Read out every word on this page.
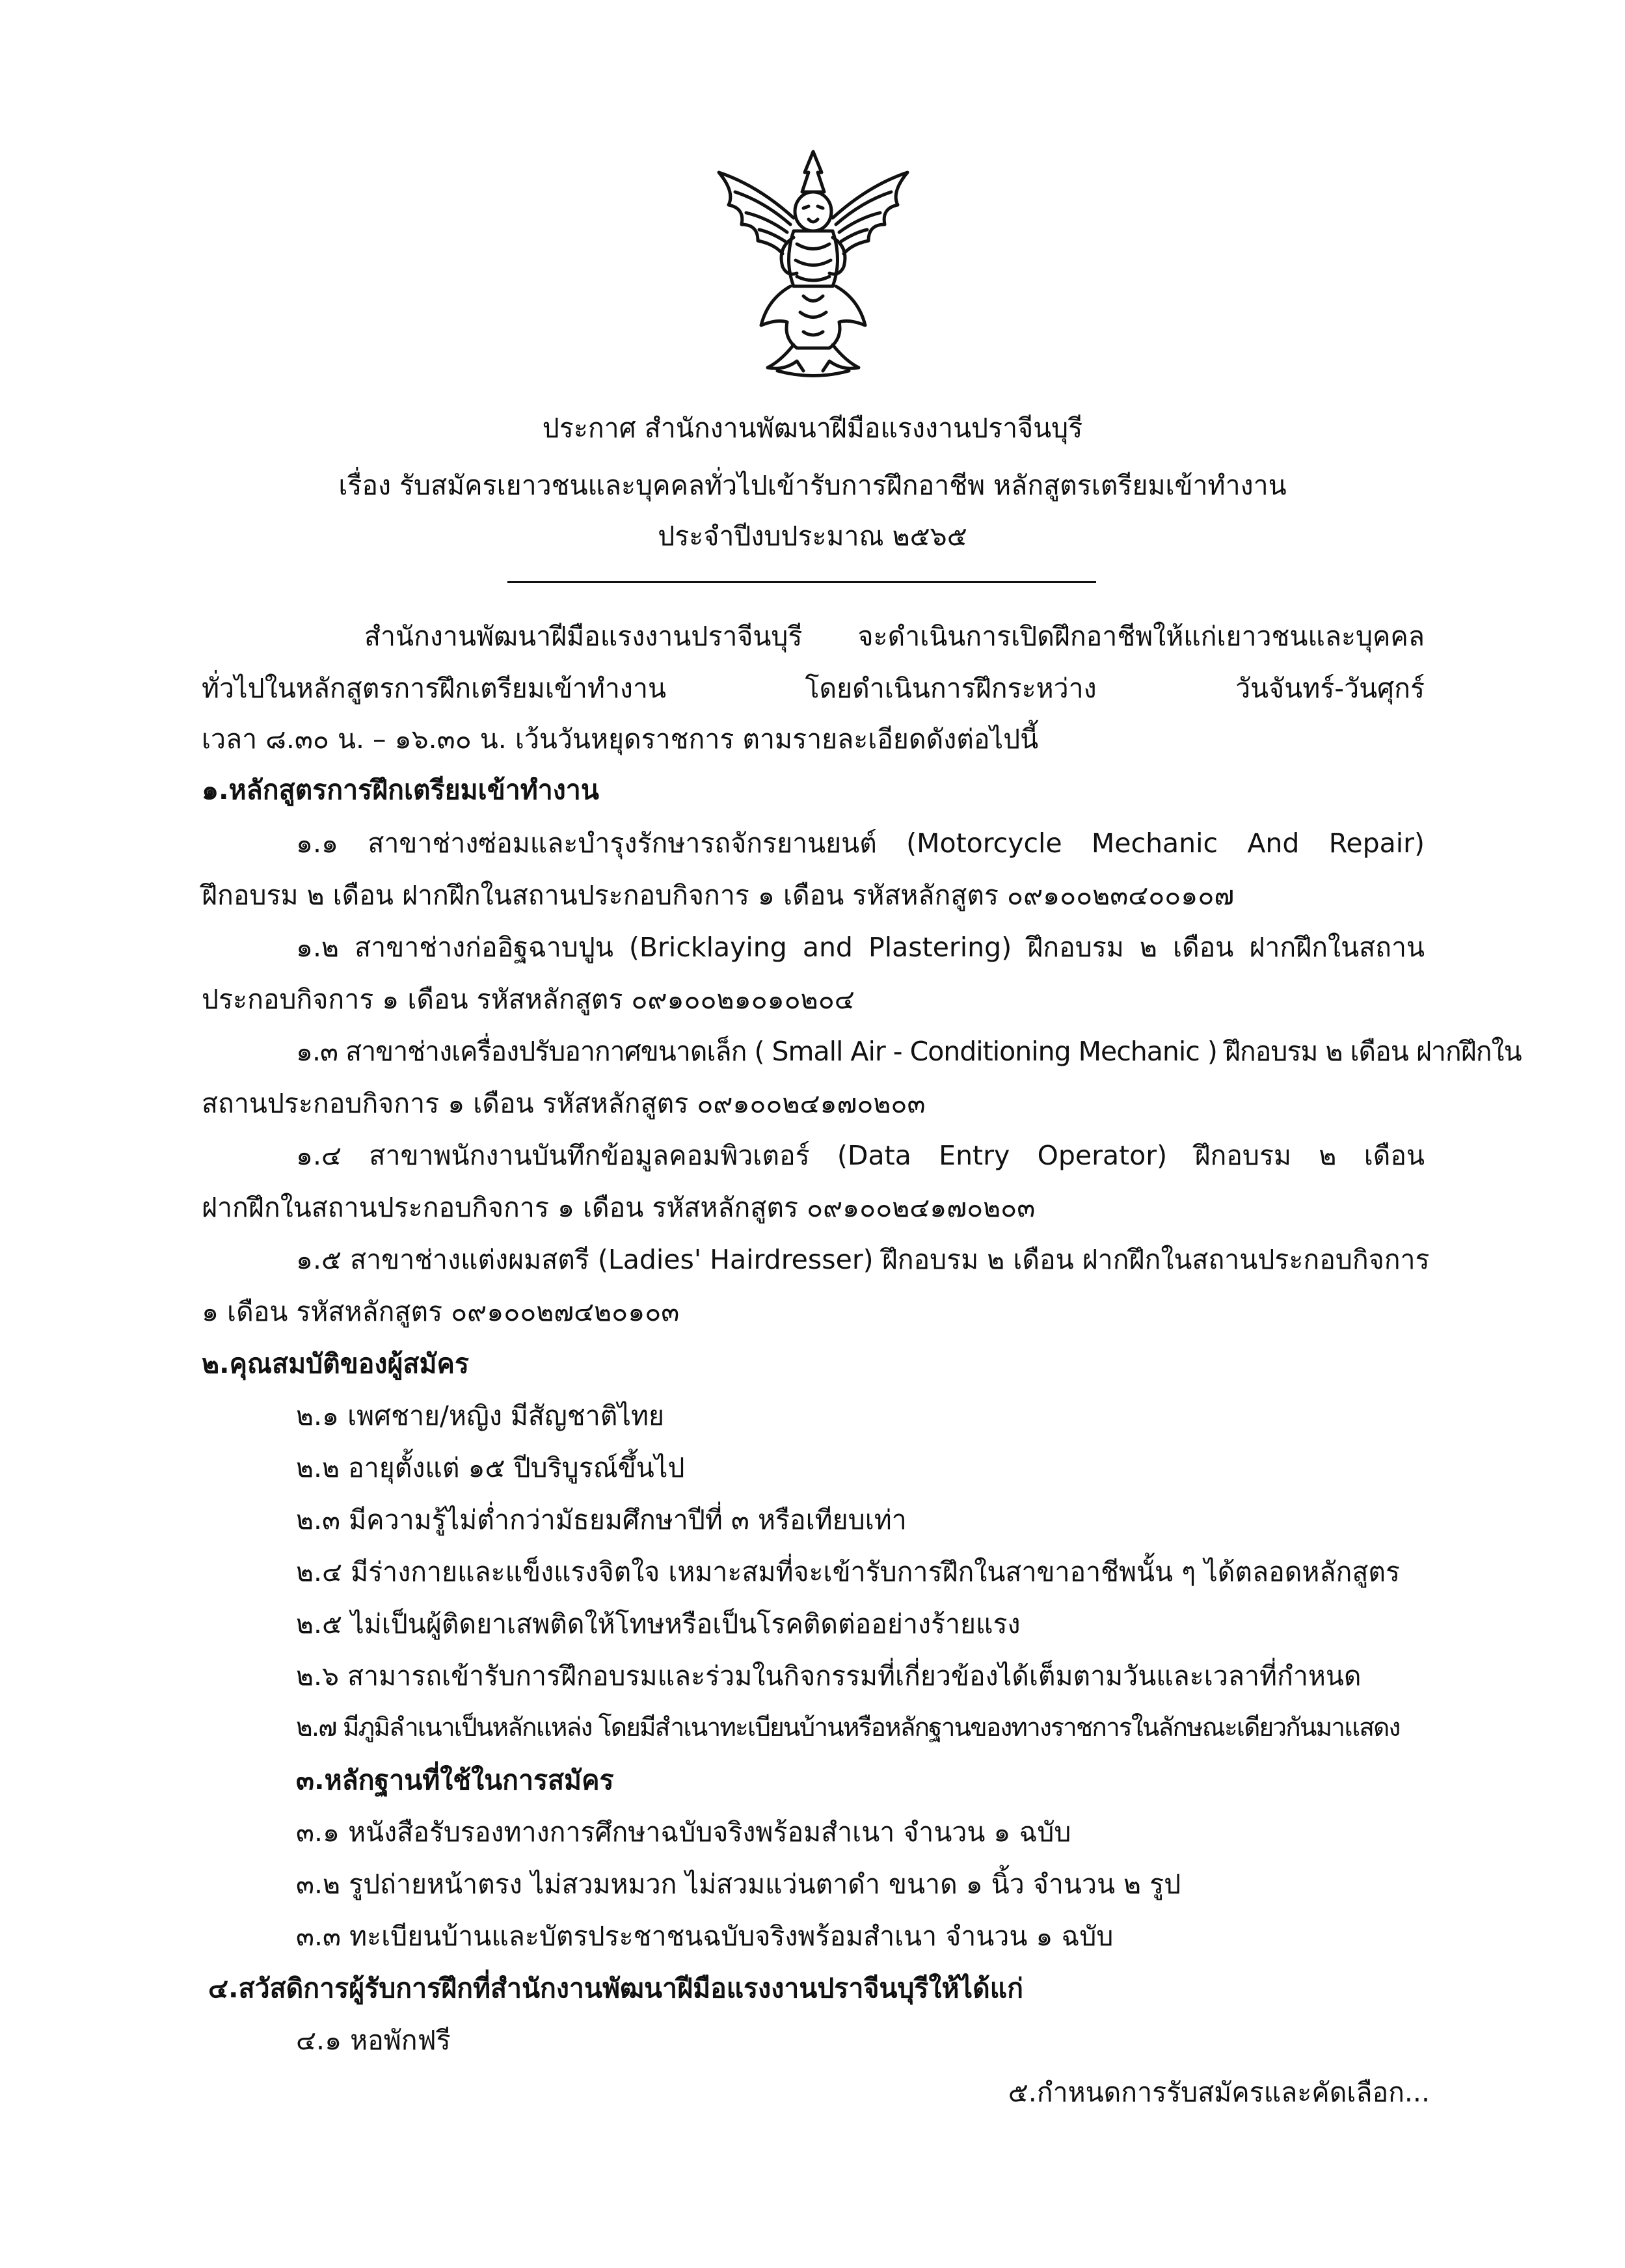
ประกาศ สำนักงานพัฒนาฝีมือแรงงานปราจีนบุรี
เรื่อง รับสมัครเยาวชนและบุคคลทั่วไปเข้ารับการฝึกอาชีพ หลักสูตรเตรียมเข้าทำงาน
ประจำปีงบประมาณ ๒๕๖๕
สำนักงานพัฒนาฝีมือแรงงานปราจีนบุรี จะดำเนินการเปิดฝึกอาชีพให้แก่เยาวชนและบุคคล
ทั่วไปในหลักสูตรการฝึกเตรียมเข้าทำงาน โดยดำเนินการฝึกระหว่าง วันจันทร์-วันศุกร์
เวลา ๘.๓๐ น. – ๑๖.๓๐ น. เว้นวันหยุดราชการ ตามรายละเอียดดังต่อไปนี้
๑.หลักสูตรการฝึกเตรียมเข้าทำงาน
๑.๑ สาขาช่างซ่อมและบำรุงรักษารถจักรยานยนต์ (Motorcycle Mechanic And Repair)
ฝึกอบรม ๒ เดือน ฝากฝึกในสถานประกอบกิจการ ๑ เดือน รหัสหลักสูตร ๐๙๑๐๐๒๓๔๐๐๑๐๗
๑.๒ สาขาช่างก่ออิฐฉาบปูน (Bricklaying and Plastering) ฝึกอบรม ๒ เดือน ฝากฝึกในสถาน
ประกอบกิจการ ๑ เดือน รหัสหลักสูตร ๐๙๑๐๐๒๑๐๑๐๒๐๔
๑.๓ สาขาช่างเครื่องปรับอากาศขนาดเล็ก ( Small Air - Conditioning Mechanic ) ฝึกอบรม ๒ เดือน ฝากฝึกใน
สถานประกอบกิจการ ๑ เดือน รหัสหลักสูตร ๐๙๑๐๐๒๔๑๗๐๒๐๓
๑.๔ สาขาพนักงานบันทึกข้อมูลคอมพิวเตอร์ (Data Entry Operator) ฝึกอบรม ๒ เดือน
ฝากฝึกในสถานประกอบกิจการ ๑ เดือน รหัสหลักสูตร ๐๙๑๐๐๒๔๑๗๐๒๐๓
๑.๕ สาขาช่างแต่งผมสตรี (Ladies' Hairdresser) ฝึกอบรม ๒ เดือน ฝากฝึกในสถานประกอบกิจการ
๑ เดือน รหัสหลักสูตร ๐๙๑๐๐๒๗๔๒๐๑๐๓
๒.คุณสมบัติของผู้สมัคร
๒.๑ เพศชาย/หญิง มีสัญชาติไทย
๒.๒ อายุตั้งแต่ ๑๕ ปีบริบูรณ์ขึ้นไป
๒.๓ มีความรู้ไม่ต่ำกว่ามัธยมศึกษาปีที่ ๓ หรือเทียบเท่า
๒.๔ มีร่างกายและแข็งแรงจิตใจ เหมาะสมที่จะเข้ารับการฝึกในสาขาอาชีพนั้น ๆ ได้ตลอดหลักสูตร
๒.๕ ไม่เป็นผู้ติดยาเสพติดให้โทษหรือเป็นโรคติดต่ออย่างร้ายแรง
๒.๖ สามารถเข้ารับการฝึกอบรมและร่วมในกิจกรรมที่เกี่ยวข้องได้เต็มตามวันและเวลาที่กำหนด
๒.๗ มีภูมิลำเนาเป็นหลักแหล่ง โดยมีสำเนาทะเบียนบ้านหรือหลักฐานของทางราชการในลักษณะเดียวกันมาแสดง
๓.หลักฐานที่ใช้ในการสมัคร
๓.๑ หนังสือรับรองทางการศึกษาฉบับจริงพร้อมสำเนา จำนวน ๑ ฉบับ
๓.๒ รูปถ่ายหน้าตรง ไม่สวมหมวก ไม่สวมแว่นตาดำ ขนาด ๑ นิ้ว จำนวน ๒ รูป
๓.๓ ทะเบียนบ้านและบัตรประชาชนฉบับจริงพร้อมสำเนา จำนวน ๑ ฉบับ
๔.สวัสดิการผู้รับการฝึกที่สำนักงานพัฒนาฝีมือแรงงานปราจีนบุรีให้ได้แก่
๔.๑ หอพักฟรี
๕.กำหนดการรับสมัครและคัดเลือก...
